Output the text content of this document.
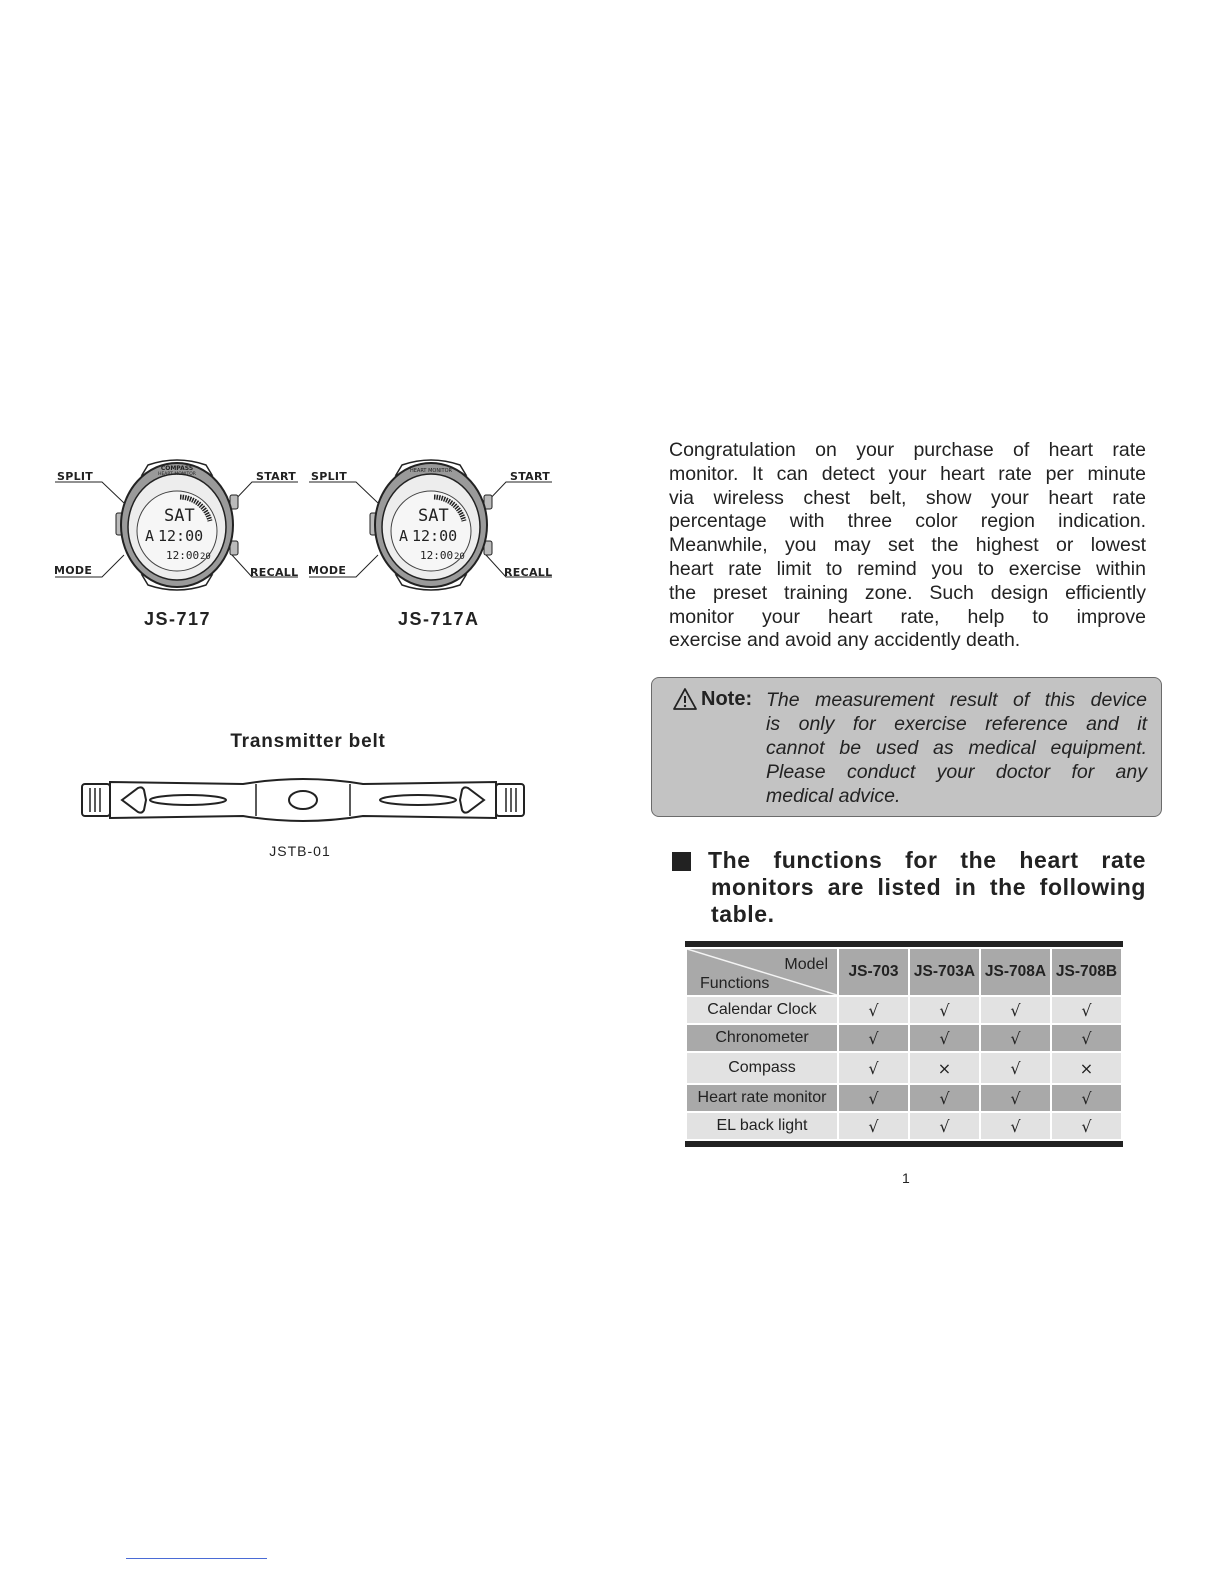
SPLIT	START
MODE	RECALL
COMPASS
HEART MONITOR
SAT
A 12:00
12:00 20
JS-717
SPLIT	START
MODE	RECALL
HEART MONITOR
SAT
A 12:00
12:00 20
JS-717A
Transmitter belt
JSTB-01
Congratulation on your purchase of heart rate
monitor. It can detect your heart rate per minute
via wireless chest belt, show your heart rate
percentage with three color region indication.
Meanwhile, you may set the highest or lowest
heart rate limit to remind you to exercise within
the preset training zone. Such design efficiently
monitor your heart rate, help to improve
exercise and avoid any accidently death.
Note: The measurement result of this device
is only for exercise reference and it
cannot be used as medical equipment.
Please conduct your doctor for any
medical advice.
The functions for the heart rate
monitors are listed in the following
table.
Model
Functions	JS-703	JS-703A	JS-708A	JS-708B
Calendar Clock	√	√	√	√
Chronometer	√	√	√	√
Compass	√	×	√	×
Heart rate monitor	√	√	√	√
EL back light	√	√	√	√
1
